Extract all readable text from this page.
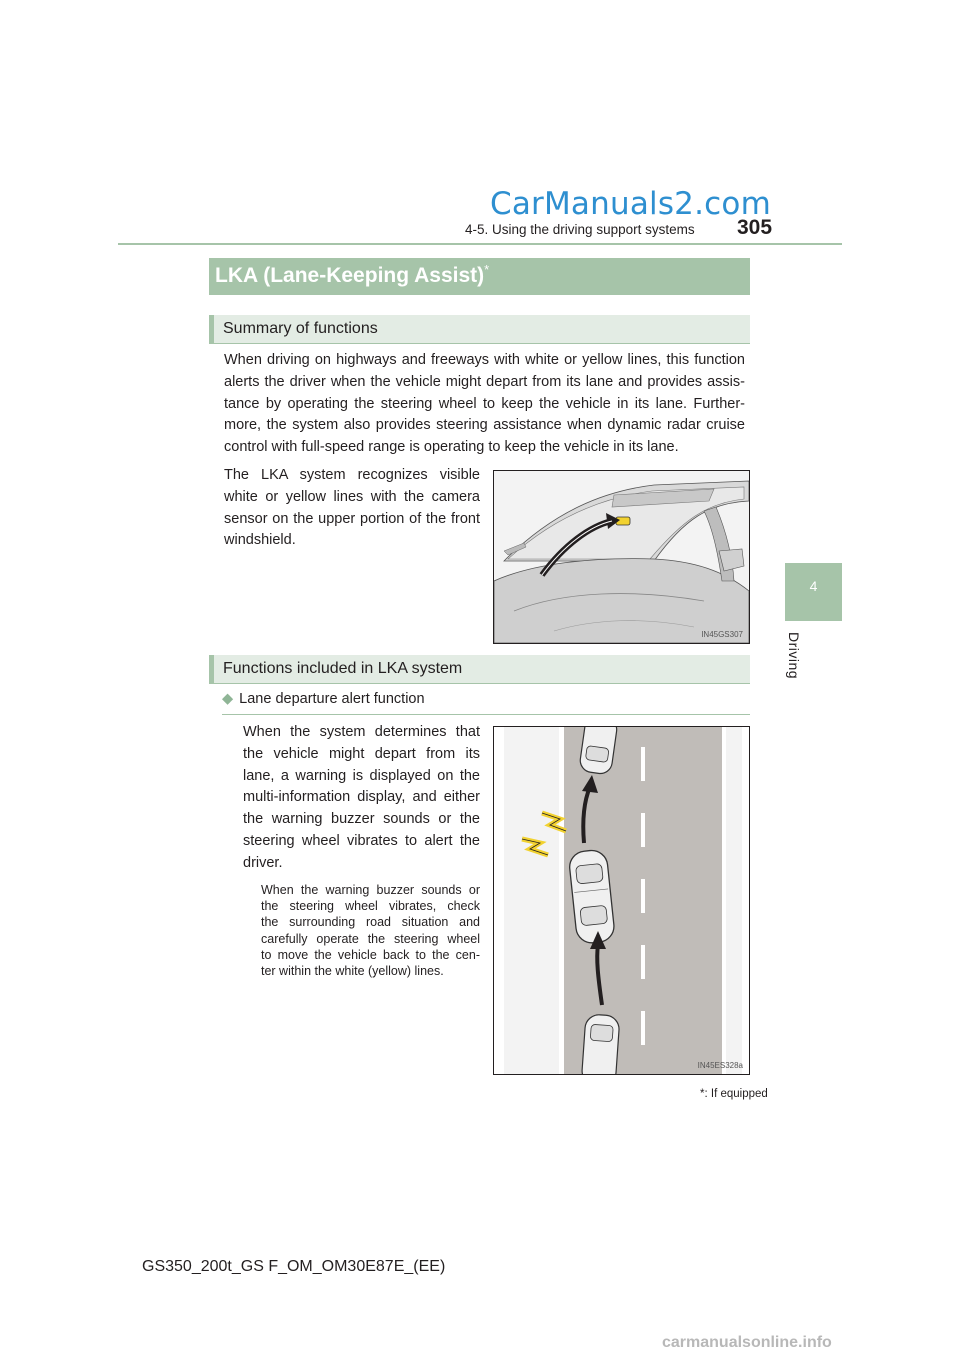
CarManuals2.com
4-5. Using the driving support systems 305
4
Driving
LKA (Lane-Keeping Assist)*
Summary of functions
When driving on highways and freeways with white or yellow lines, this function
alerts the driver when the vehicle might depart from its lane and provides assis-
tance by operating the steering wheel to keep the vehicle in its lane. Further-
more, the system also provides steering assistance when dynamic radar cruise
control with full-speed range is operating to keep the vehicle in its lane.
The LKA system recognizes visible
white or yellow lines with the camera
sensor on the upper portion of the front
windshield.
IN45GS307
Functions included in LKA system
◆ Lane departure alert function
When the system determines that
the vehicle might depart from its
lane, a warning is displayed on the
multi-information display, and either
the warning buzzer sounds or the
steering wheel vibrates to alert the
driver.
When the warning buzzer sounds or
the steering wheel vibrates, check
the surrounding road situation and
carefully operate the steering wheel
to move the vehicle back to the cen-
ter within the white (yellow) lines.
IN45ES328a
*: If equipped
GS350_200t_GS F_OM_OM30E87E_(EE)
carmanualsonline.info
